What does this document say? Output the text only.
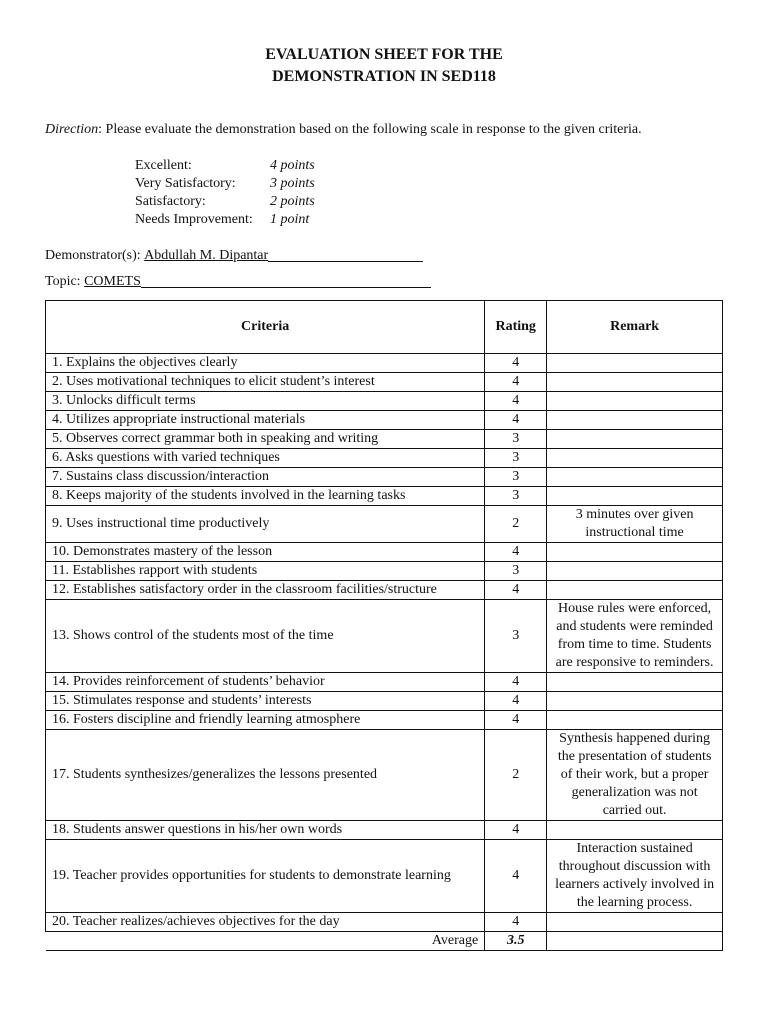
EVALUATION SHEET FOR THE
DEMONSTRATION IN SED118
Direction: Please evaluate the demonstration based on the following scale in response to the given criteria.
Excellent:	4 points
Very Satisfactory:	3 points
Satisfactory:	2 points
Needs Improvement:	1 point
Demonstrator(s):
Abdullah M. Dipantar
Topic:
COMETS
Criteria	Rating	Remark
1. Explains the objectives clearly	4	
2. Uses motivational techniques to elicit student’s interest	4	
3. Unlocks difficult terms	4	
4. Utilizes appropriate instructional materials	4	
5. Observes correct grammar both in speaking and writing	3	
6. Asks questions with varied techniques	3	
7. Sustains class discussion/interaction	3	
8. Keeps majority of the students involved in the learning tasks	3	
9. Uses instructional time productively	2	3 minutes over given instructional time
10. Demonstrates mastery of the lesson	4	
11. Establishes rapport with students	3	
12. Establishes satisfactory order in the classroom facilities/structure	4	
13. Shows control of the students most of the time	3	House rules were enforced, and students were reminded from time to time. Students are responsive to reminders.
14. Provides reinforcement of students’ behavior	4	
15. Stimulates response and students’ interests	4	
16. Fosters discipline and friendly learning atmosphere	4	
17. Students synthesizes/generalizes the lessons presented	2	Synthesis happened during the presentation of students of their work, but a proper generalization was not carried out.
18. Students answer questions in his/her own words	4	
19. Teacher provides opportunities for students to demonstrate learning	4	Interaction sustained throughout discussion with learners actively involved in the learning process.
20. Teacher realizes/achieves objectives for the day	4	
Average	3.5	
